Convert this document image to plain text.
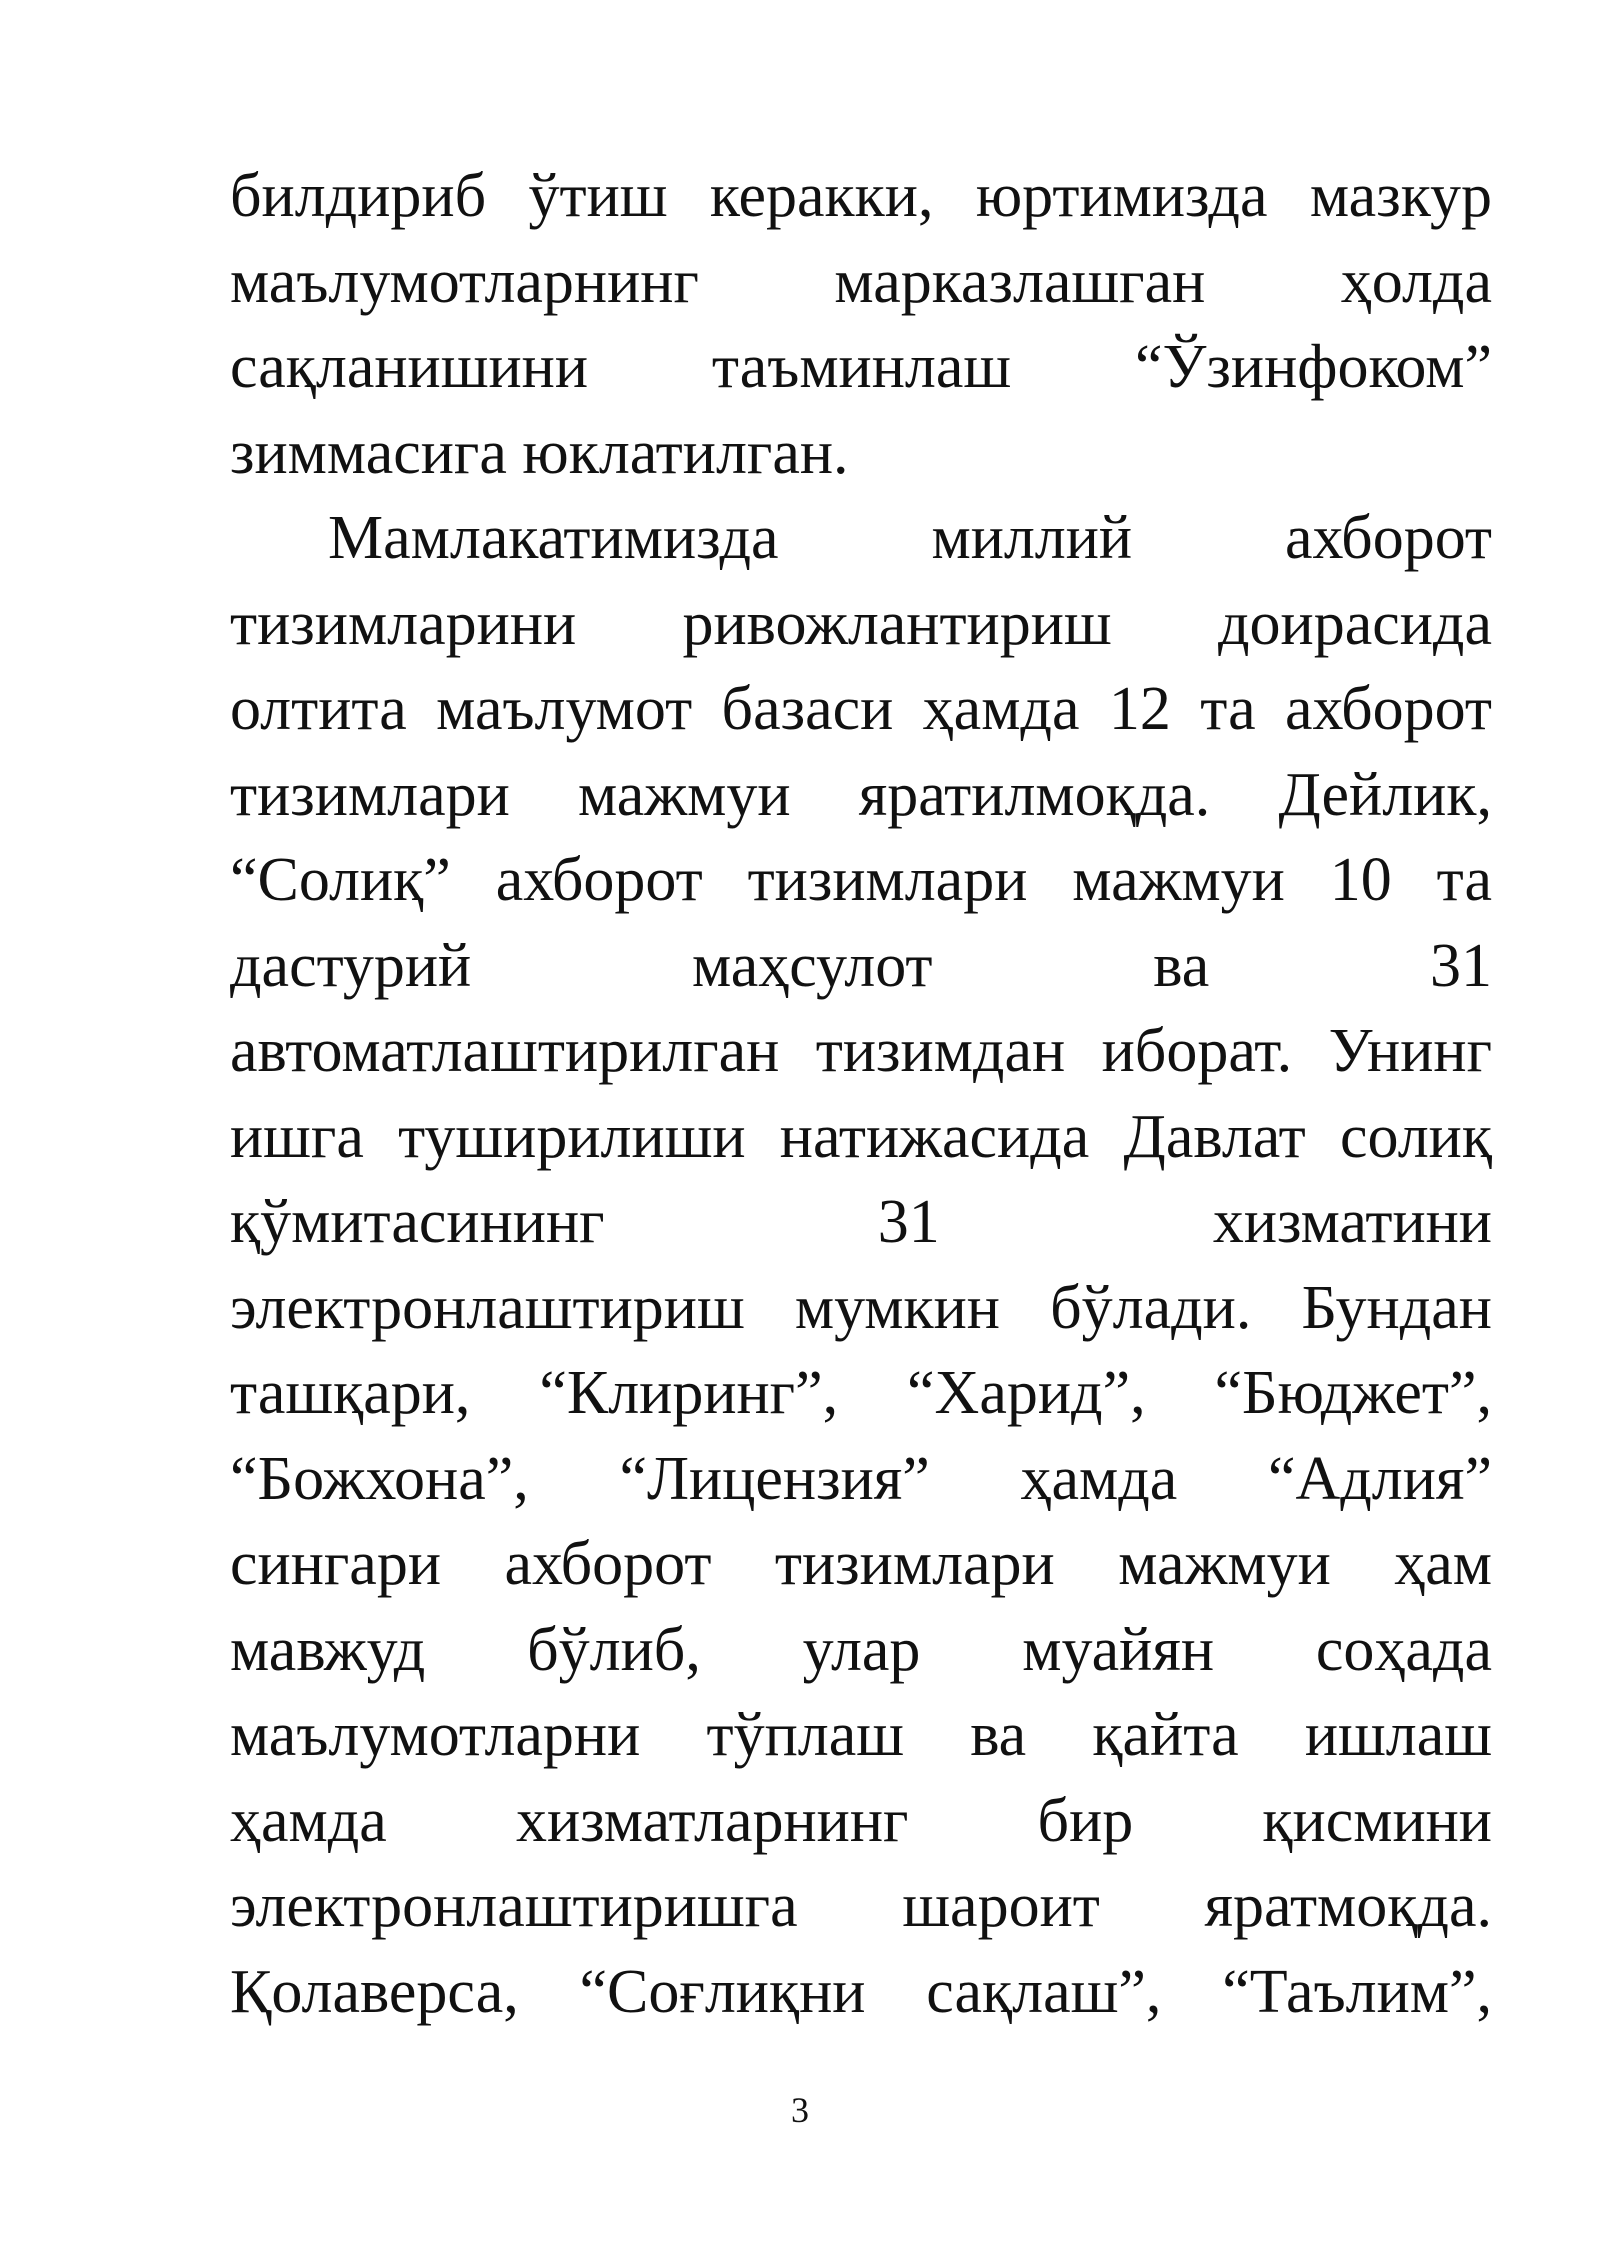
билдириб ўтиш керакки, юртимизда мазкур
маълумотларнинг марказлашган ҳолда
сақланишини таъминлаш “Ўзинфоком”
зиммасига юклатилган.
Мамлакатимизда миллий ахборот
тизимларини ривожлантириш доирасида
олтита маълумот базаси ҳамда 12 та ахборот
тизимлари мажмуи яратилмоқда. Дейлик,
“Солиқ” ахборот тизимлари мажмуи 10 та
дастурий	маҳсулот	ва	31
автоматлаштирилган тизимдан иборат. Унинг
ишга туширилиши натижасида Давлат солиқ
қўмитасининг	31	хизматини
электронлаштириш мумкин бўлади. Бундан
ташқари, “Клиринг”, “Харид”, “Бюджет”,
“Божхона”, “Лицензия” ҳамда “Адлия”
сингари ахборот тизимлари мажмуи ҳам
мавжуд бўлиб, улар муайян соҳада
маълумотларни тўплаш ва қайта ишлаш
ҳамда хизматларнинг бир қисмини
электронлаштиришга шароит яратмоқда.
Қолаверса, “Соғлиқни сақлаш”, “Таълим”,
3
